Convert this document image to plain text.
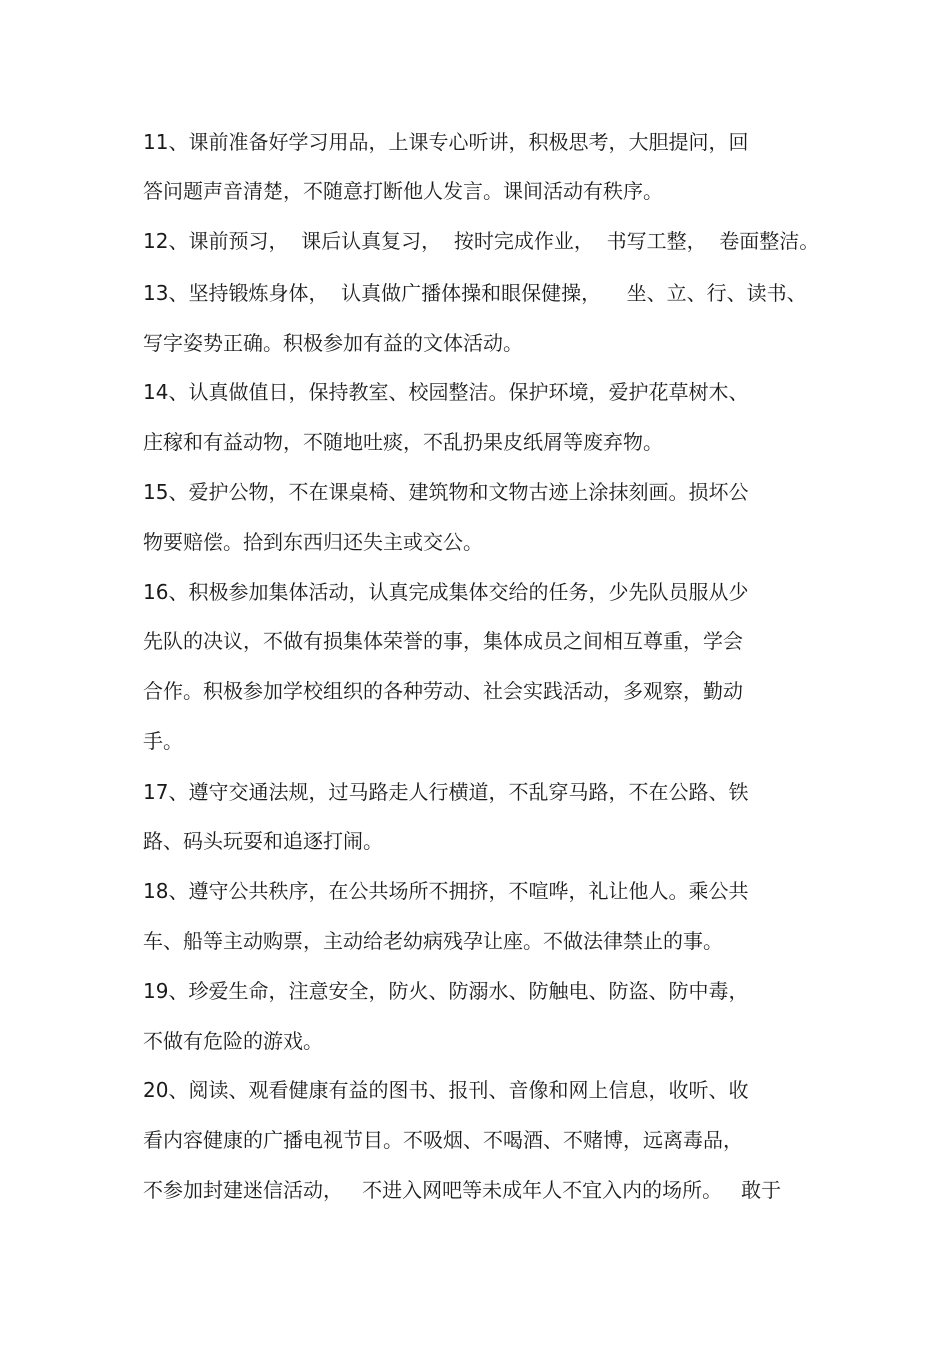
11、课前准备好学习用品，上课专心听讲，积极思考，大胆提问，回
答问题声音清楚，不随意打断他人发言。课间活动有秩序。
12、课前预习，  课后认真复习，  按时完成作业，  书写工整，  卷面整洁。
13、坚持锻炼身体，  认真做广播体操和眼保健操，    坐、立、行、读书、
写字姿势正确。积极参加有益的文体活动。
14、认真做值日，保持教室、校园整洁。保护环境，爱护花草树木、
庄稼和有益动物，不随地吐痰，不乱扔果皮纸屑等废弃物。
15、爱护公物，不在课桌椅、建筑物和文物古迹上涂抹刻画。损坏公
物要赔偿。拾到东西归还失主或交公。
16、积极参加集体活动，认真完成集体交给的任务，少先队员服从少
先队的决议，不做有损集体荣誉的事，集体成员之间相互尊重，学会
合作。积极参加学校组织的各种劳动、社会实践活动，多观察，勤动
手。
17、遵守交通法规，过马路走人行横道，不乱穿马路，不在公路、铁
路、码头玩耍和追逐打闹。
18、遵守公共秩序，在公共场所不拥挤，不喧哗，礼让他人。乘公共
车、船等主动购票，主动给老幼病残孕让座。不做法律禁止的事。
19、珍爱生命，注意安全，防火、防溺水、防触电、防盗、防中毒，
不做有危险的游戏。
20、阅读、观看健康有益的图书、报刊、音像和网上信息，收听、收
看内容健康的广播电视节目。不吸烟、不喝酒、不赌博，远离毒品，
不参加封建迷信活动，   不进入网吧等未成年人不宜入内的场所。   敢于
